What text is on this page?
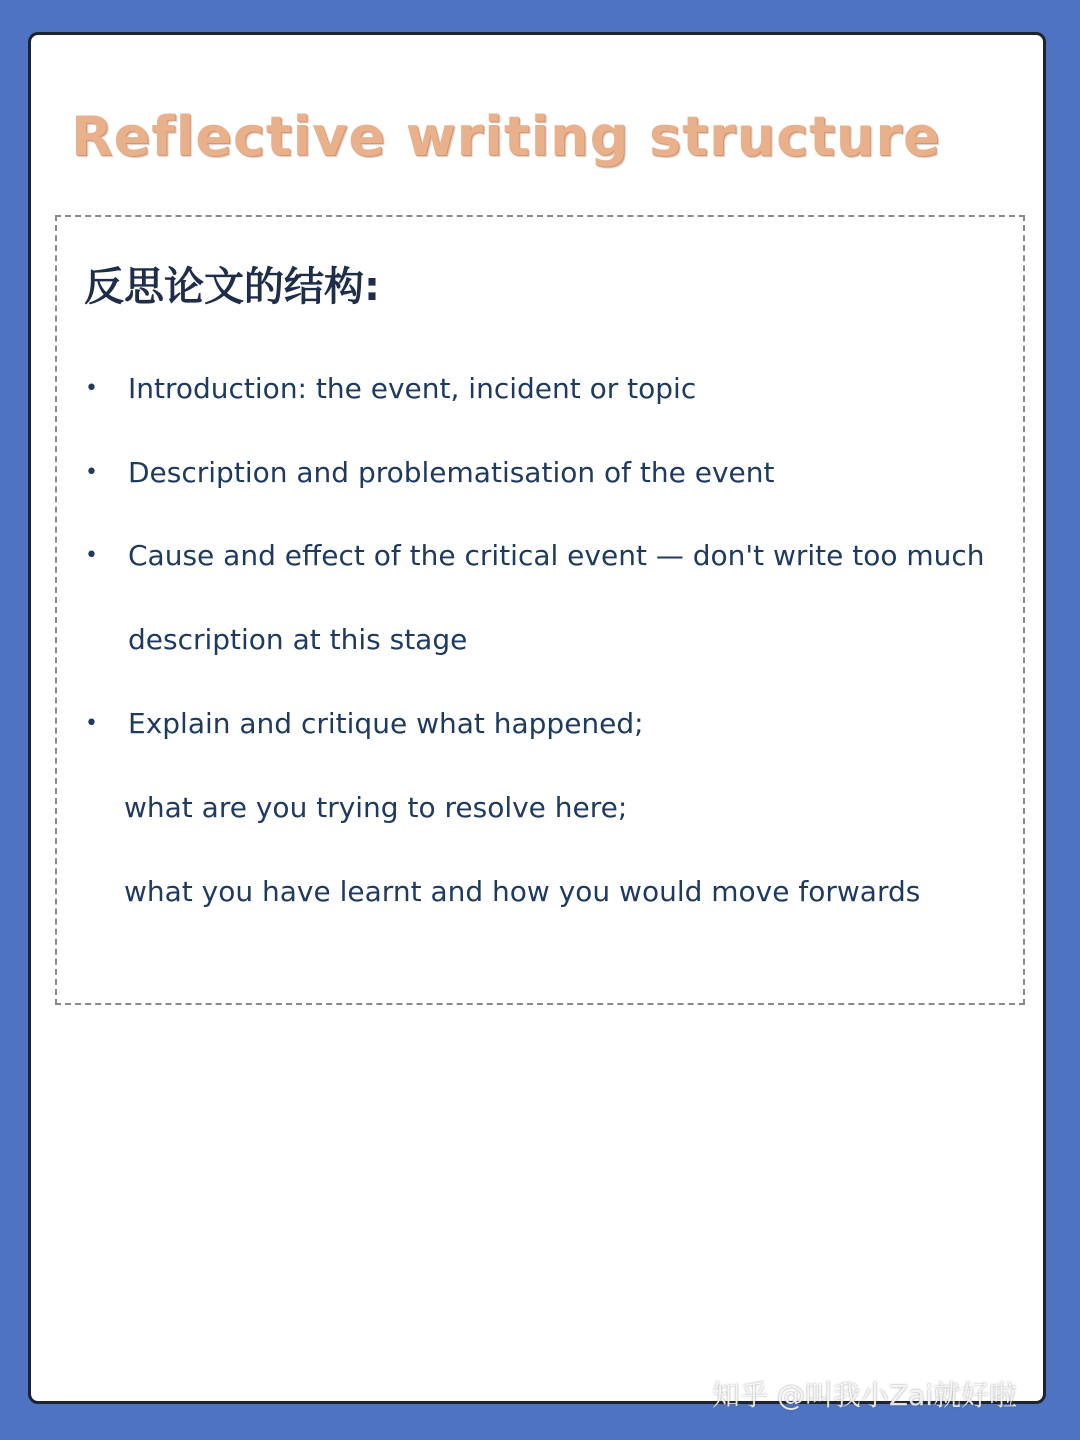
Reflective writing structure
反思论文的结构:
• Introduction: the event, incident or topic
• Description and problematisation of the event
• Cause and effect of the critical event — don't write too much
description at this stage
• Explain and critique what happened;
what are you trying to resolve here;
what you have learnt and how you would move forwards
知乎 @叫我小Zai就好啦
